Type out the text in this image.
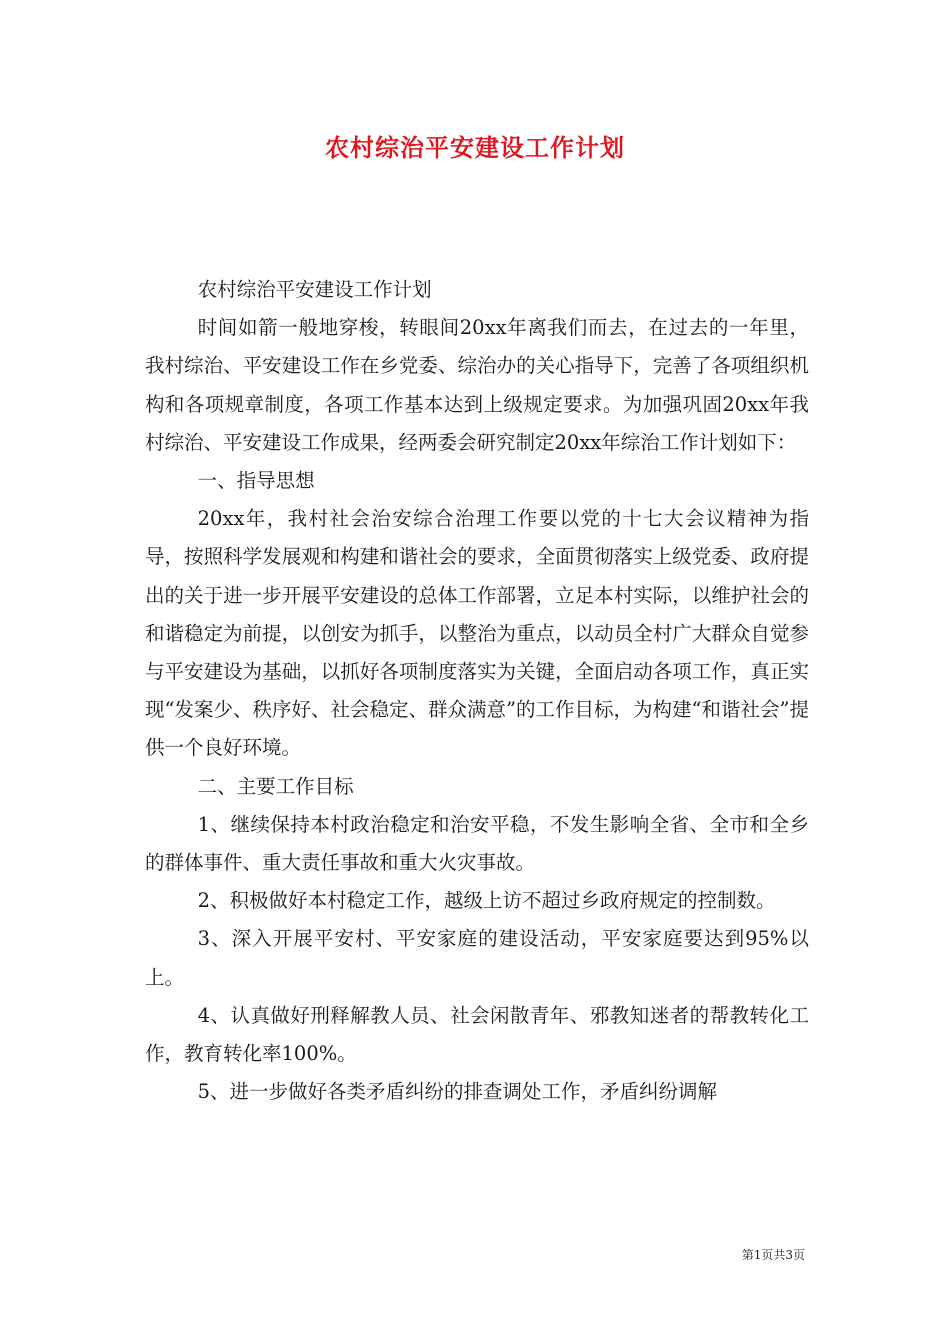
农村综治平安建设工作计划

农村综治平安建设工作计划

时间如箭一般地穿梭，转眼间20xx年离我们而去，在过去的一年里，我村综治、平安建设工作在乡党委、综治办的关心指导下，完善了各项组织机构和各项规章制度，各项工作基本达到上级规定要求。为加强巩固20xx年我村综治、平安建设工作成果，经两委会研究制定20xx年综治工作计划如下：

一、指导思想

20xx年，我村社会治安综合治理工作要以党的十七大会议精神为指导，按照科学发展观和构建和谐社会的要求，全面贯彻落实上级党委、政府提出的关于进一步开展平安建设的总体工作部署，立足本村实际，以维护社会的和谐稳定为前提，以创安为抓手，以整治为重点，以动员全村广大群众自觉参与平安建设为基础，以抓好各项制度落实为关键，全面启动各项工作，真正实现“发案少、秩序好、社会稳定、群众满意”的工作目标，为构建“和谐社会”提供一个良好环境。

二、主要工作目标

1、继续保持本村政治稳定和治安平稳，不发生影响全省、全市和全乡的群体事件、重大责任事故和重大火灾事故。

2、积极做好本村稳定工作，越级上访不超过乡政府规定的控制数。

3、深入开展平安村、平安家庭的建设活动，平安家庭要达到95%以上。

4、认真做好刑释解教人员、社会闲散青年、邪教知迷者的帮教转化工作，教育转化率100%。

5、进一步做好各类矛盾纠纷的排查调处工作，矛盾纠纷调解

第1页共3页
